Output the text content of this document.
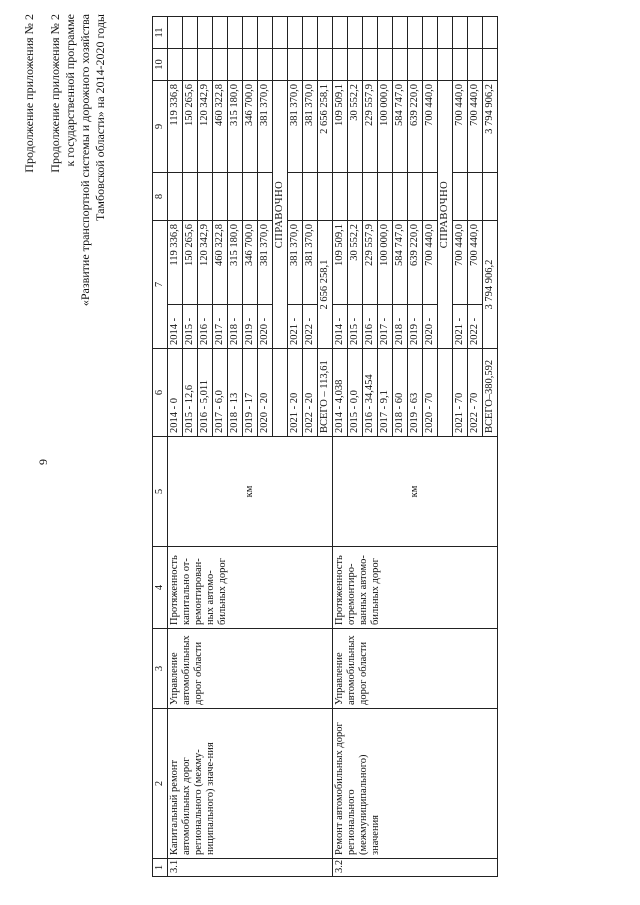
9
Продолжение приложения № 2 Продолжение приложения № 2 к государственной программе «Развитие транспортной системы и дорожного хозяйства Тамбовской области» на 2014-2020 годы
1	2	3	4	5	6	7		8	9	10	11
3.1	Капитальный ремонт автомобильных дорог регионального (межму-ниципального) значе-ния	Управление автомобильных дорог области	Протяженность капитально от-ремонтирован-ных автомо-бильных дорог	км	2014 - 0	2014 -	119 336,8		119 336,8		
					2015 - 12,6	2015 -	150 265,6		150 265,6		
					2016 - 5,011	2016 -	120 342,9		120 342,9		
					2017 - 6,0	2017 -	460 322,8		460 322,8		
					2018 - 13	2018 -	315 180,0		315 180,0		
					2019 - 17	2019 -	346 700,0		346 700,0		
					2020 - 20	2020 -	381 370,0		381 370,0		
						СПРАВОЧНО					
					2021 - 20	2021 -	381 370,0		381 370,0		
					2022 - 20	2022 -	381 370,0		381 370,0		
					ВСЕГО – 113,61	2 656 258,1			2 656 258,1		
3.2	Ремонт автомобильных дорог регионального (межмуниципального) значения	Управление автомобильных дорог области	Протяженность отремонтиро-ванных автомо-бильных дорог	км	2014 - 4,038	2014 -	109 509,1		109 509,1		
					2015 - 0,0	2015 -	30 552,2		30 552,2		
					2016 - 34,454	2016 -	229 557,9		229 557,9		
					2017 - 9,1	2017 -	100 000,0		100 000,0		
					2018 - 60	2018 -	584 747,0		584 747,0		
					2019 - 63	2019 -	639 220,0		639 220,0		
					2020 - 70	2020 -	700 440,0		700 440,0		
						СПРАВОЧНО					
					2021 - 70	2021 -	700 440,0		700 440,0		
					2022 - 70	2022 -	700 440,0		700 440,0		
					ВСЕГО–380,592	3 794 906,2			3 794 906,2		
